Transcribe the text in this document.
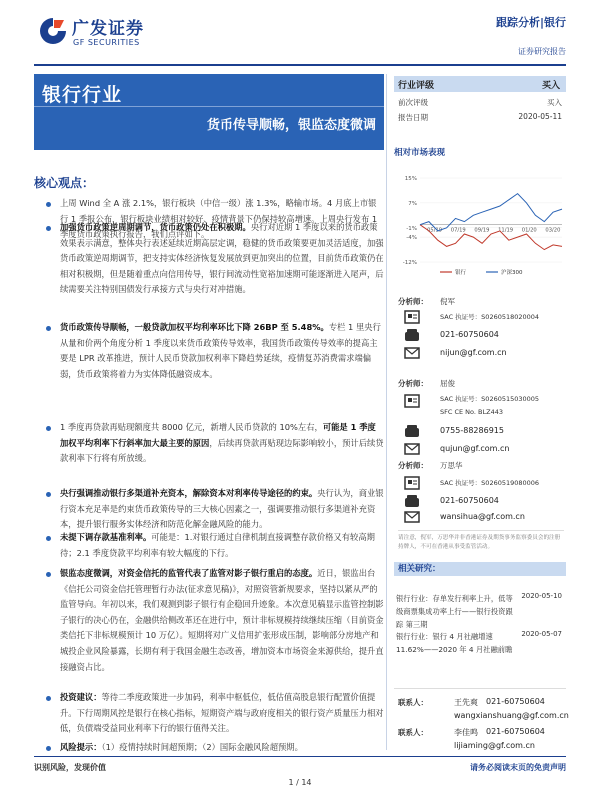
广发证券
GF SECURITIES
跟踪分析|银行
证券研究报告
银行行业
货币传导顺畅，银监态度微调
行业评级	买入
前次评级	买入
报告日期	2020-05-11
相对市场表现
15%
7%
-1%
-4%
-12%
05/19 07/19 09/19 11/19 01/20 03/20
银行	沪深300
分析师： 倪军
SAC 执证号：S0260518020004
021-60750604
nijun@gf.com.cn
分析师： 屈俊
SAC 执证号：S0260515030005
SFC CE No. BLZ443
0755-88286915
qujun@gf.com.cn
分析师： 万思华
SAC 执证号：S0260519080006
021-60750604
wansihua@gf.com.cn
请注意，倪军，万思华并非香港证券及期货事务监察委员会的注册持牌人，不可在香港从事受监管活动。
相关研究：
银行行业：存单发行利率上升，低等级商票集成功率上行——银行投资跟踪 第三期
2020-05-10
银行行业：银行 4 月社融增速 11.62%——2020 年 4 月社融前瞻
2020-05-07
联系人：	王先爽 021-60750604
wangxianshuang@gf.com.cn
联系人：	李佳鸣 021-60750604
lijiaming@gf.com.cn
核心观点：
上周 Wind 全 A 涨 2.1%，银行板块（中信一级）涨 1.3%，略输市场。4 月底上市银行 1 季报公布，银行板块业绩相对较好、疫情背景下仍保持较高增速。上周央行发布 1 季度货币政策执行报告，我们点评如下。
加强货币政策逆周期调节，货币政策仍处在积极期。央行对近期 1 季度以来的货币政策效果表示满意，整体央行表述延续近期高层定调，稳健的货币政策要更加灵活适度，加强货币政策逆周期调节，把支持实体经济恢复发展放到更加突出的位置，目前货币政策仍在相对积极期，但是随着重点向信用传导，银行间流动性宽裕加速期可能逐渐进入尾声，后续需要关注特别国债发行承接方式与央行对冲措施。
货币政策传导顺畅，一般贷款加权平均利率环比下降 26BP 至 5.48%。专栏 1 里央行从量和价两个角度分析 1 季度以来货币政策传导效率，我国货币政策传导效率的提高主要是 LPR 改革推进，预计人民币贷款加权利率下降趋势延续，疫情复苏消费需求端偏弱，货币政策将着力为实体降低融资成本。
1 季度再贷款再贴现额度共 8000 亿元，新增人民币贷款的 10%左右，可能是 1 季度加权平均利率下行斜率加大最主要的原因，后续再贷款再贴现边际影响较小，预计后续贷款利率下行将有所放缓。
央行强调推动银行多渠道补充资本，解除资本对利率传导途径的约束。央行认为，商业银行资本充足率是约束货币政策传导的三大核心因素之一，强调要推动银行多渠道补充资本，提升银行服务实体经济和防范化解金融风险的能力。
未提下调存款基准利率。可能是：1.对银行通过自律机制直接调整存款价格又有较高期待；2.1 季度贷款平均利率有较大幅度的下行。
银监态度微调，对资金信托的监管代表了监管对影子银行重启的态度。近日，银监出台《信托公司资金信托管理暂行办法(征求意见稿)》，对照资管新规要求，坚持以紧从严的监管导向。年初以来，我们观测到影子银行有企稳回升迹象。本次意见稿显示监管控制影子银行的决心仍在，金融供给侧改革还在进行中，预计非标规模持续继续压缩（目前资金类信托下非标规模预计 10 万亿）。短期将对广义信用扩张形成压制，影响部分房地产和城投企业风险暴露，长期有利于我国金融生态改善，增加资本市场资金来源供给，提升直接融资占比。
投资建议：等待二季度政策进一步加码，利率中枢低位，低估值高股息银行配置价值提升。下行周期风控是银行在核心指标，短期资产端与政府度相关的银行资产质量压力相对低，负债端受益同业利率下行的银行值得关注。
风险提示：（1）疫情持续时间超预期；（2）国际金融风险超预期。
识别风险，发现价值	请务必阅读末页的免责声明
1 / 14
